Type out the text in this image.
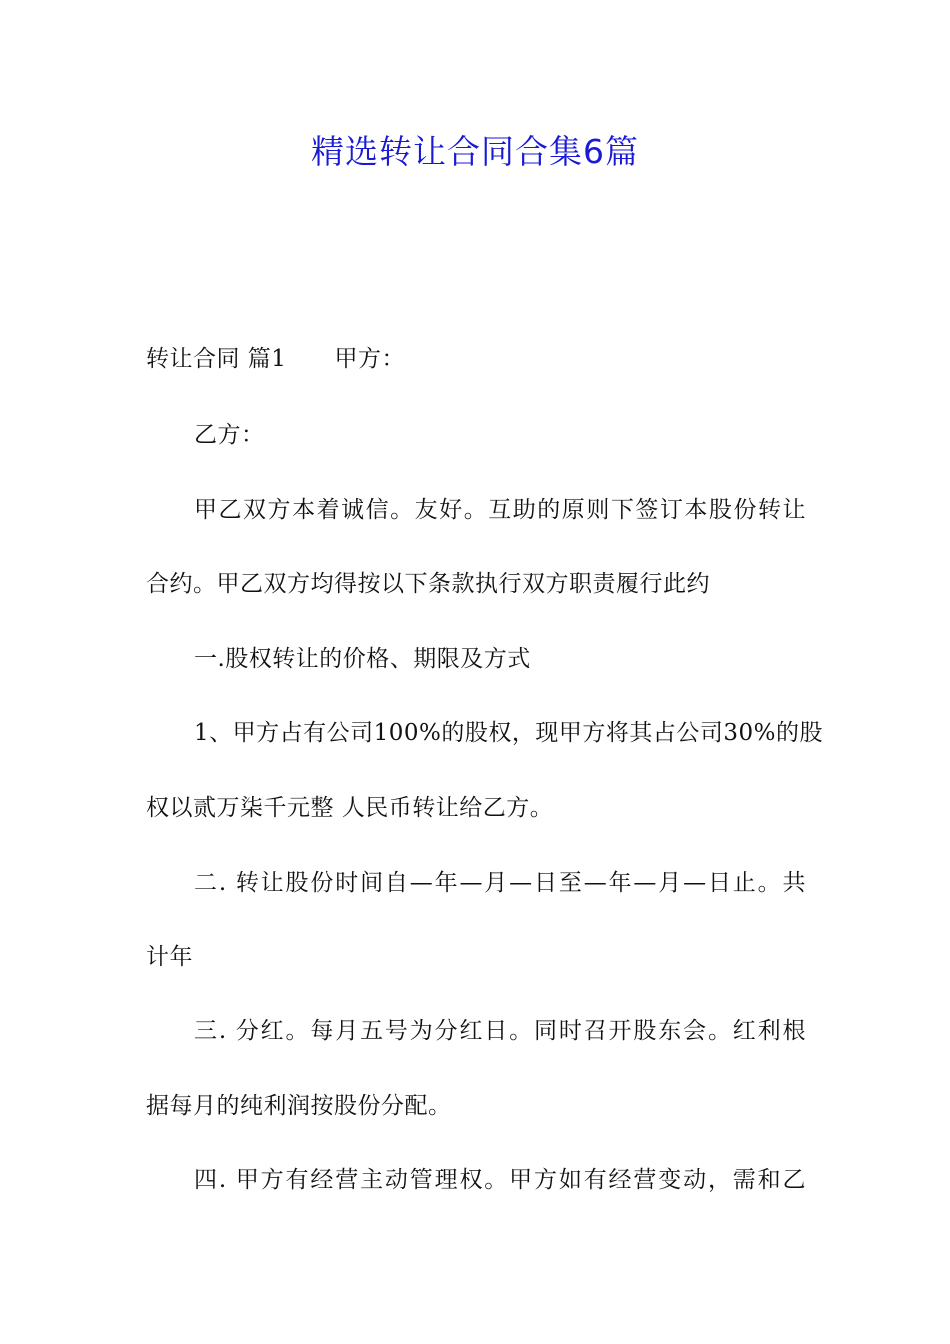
精选转让合同合集6篇
转让合同 篇1 甲方：
乙方：
甲乙双方本着诚信。友好。互助的原则下签订本股份转让
合约。甲乙双方均得按以下条款执行双方职责履行此约
一.股权转让的价格、期限及方式
1、甲方占有公司100%的股权，现甲方将其占公司30%的股
权以贰万柒千元整 人民币转让给乙方。
二. 转让股份时间自—年—月—日至—年—月—日止。共
计年
三. 分红。每月五号为分红日。同时召开股东会。红利根
据每月的纯利润按股份分配。
四. 甲方有经营主动管理权。甲方如有经营变动，需和乙
